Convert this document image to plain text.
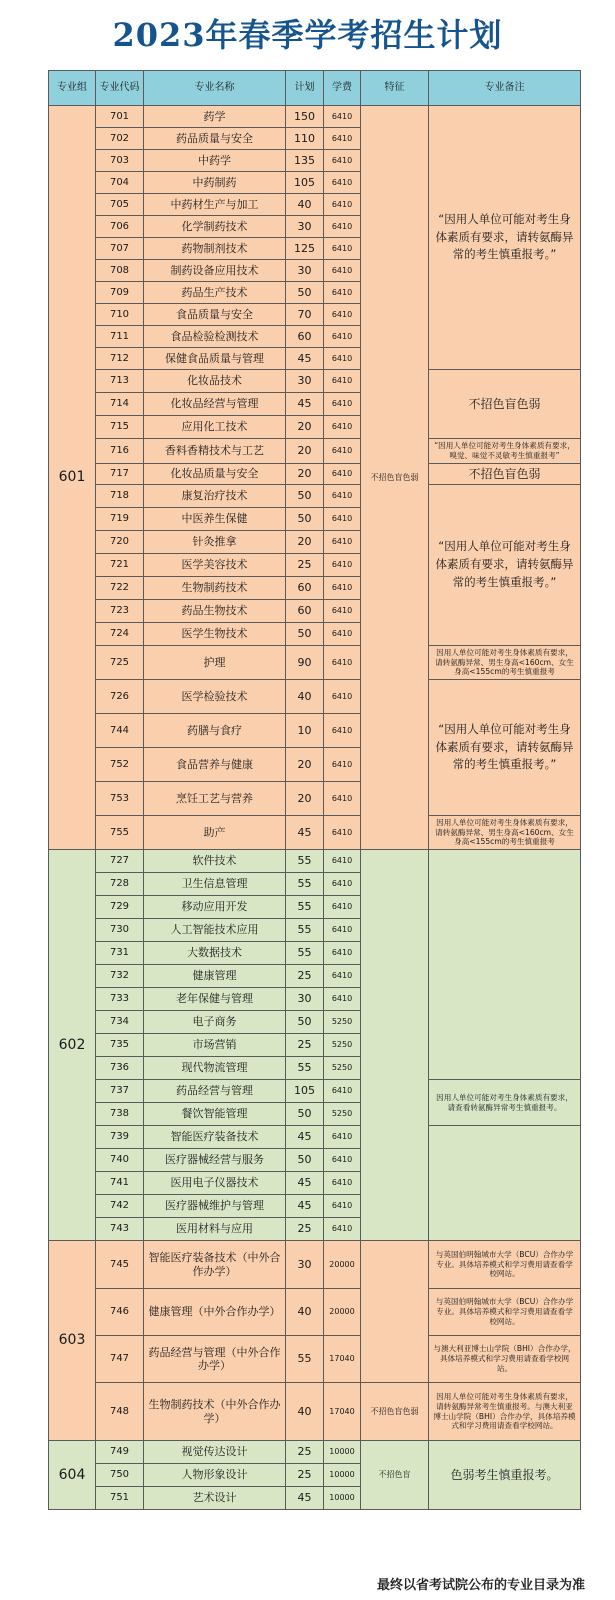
2023年春季学考招生计划
专业组	专业代码	专业名称	计划	学费	特征	专业备注
601	701	药学	150	6410	不招色盲色弱	“因用人单位可能对考生身体素质有要求，请转氨酶异常的考生慎重报考。”
	702	药品质量与安全	110	6410		
	703	中药学	135	6410		
	704	中药制药	105	6410		
	705	中药材生产与加工	40	6410		
	706	化学制药技术	30	6410		
	707	药物制剂技术	125	6410		
	708	制药设备应用技术	30	6410		
	709	药品生产技术	50	6410		
	710	食品质量与安全	70	6410		
	711	食品检验检测技术	60	6410		
	712	保健食品质量与管理	45	6410		
	713	化妆品技术	30	6410		不招色盲色弱
	714	化妆品经营与管理	45	6410		
	715	应用化工技术	20	6410		
	716	香料香精技术与工艺	20	6410		“因用人单位可能对考生身体素质有要求，嗅觉、味觉不灵敏考生慎重报考”
	717	化妆品质量与安全	20	6410		不招色盲色弱
	718	康复治疗技术	50	6410		“因用人单位可能对考生身体素质有要求，请转氨酶异常的考生慎重报考。”
	719	中医养生保健	50	6410		
	720	针灸推拿	20	6410		
	721	医学美容技术	25	6410		
	722	生物制药技术	60	6410		
	723	药品生物技术	60	6410		
	724	医学生物技术	50	6410		
	725	护理	90	6410		因用人单位可能对考生身体素质有要求，请转氨酶异常、男生身高<160cm、女生身高<155cm的考生慎重报考
	726	医学检验技术	40	6410		“因用人单位可能对考生身体素质有要求，请转氨酶异常的考生慎重报考。”
	744	药膳与食疗	10	6410		
	752	食品营养与健康	20	6410		
	753	烹饪工艺与营养	20	6410		
	755	助产	45	6410		因用人单位可能对考生身体素质有要求，请转氨酶异常、男生身高<160cm、女生身高<155cm的考生慎重报考
602	727	软件技术	55	6410		
	728	卫生信息管理	55	6410		
	729	移动应用开发	55	6410		
	730	人工智能技术应用	55	6410		
	731	大数据技术	55	6410		
	732	健康管理	25	6410		
	733	老年保健与管理	30	6410		
	734	电子商务	50	5250		
	735	市场营销	25	5250		
	736	现代物流管理	55	5250		
	737	药品经营与管理	105	6410		因用人单位可能对考生身体素质有要求，请查看转氨酶异常考生慎重报考。
	738	餐饮智能管理	50	5250		
	739	智能医疗装备技术	45	6410		
	740	医疗器械经营与服务	50	6410		
	741	医用电子仪器技术	45	6410		
	742	医疗器械维护与管理	45	6410		
	743	医用材料与应用	25	6410		
603	745	智能医疗装备技术（中外合作办学）	30	20000		与英国伯明翰城市大学（BCU）合作办学专业。具体培养模式和学习费用请查看学校网站。
	746	健康管理（中外合作办学）	40	20000		与英国伯明翰城市大学（BCU）合作办学专业。具体培养模式和学习费用请查看学校网站。
	747	药品经营与管理（中外合作办学）	55	17040		与澳大利亚博士山学院（BHI）合作办学，具体培养模式和学习费用请查看学校网站。
	748	生物制药技术（中外合作办学）	40	17040	不招色盲色弱	因用人单位可能对考生身体素质有要求，请转氨酶异常考生慎重报考。与澳大利亚博士山学院（BHI）合作办学，具体培养模式和学习费用请查看学校网站。
604	749	视觉传达设计	25	10000	不招色盲	色弱考生慎重报考。
	750	人物形象设计	25	10000		
	751	艺术设计	45	10000		
最终以省考试院公布的专业目录为准
